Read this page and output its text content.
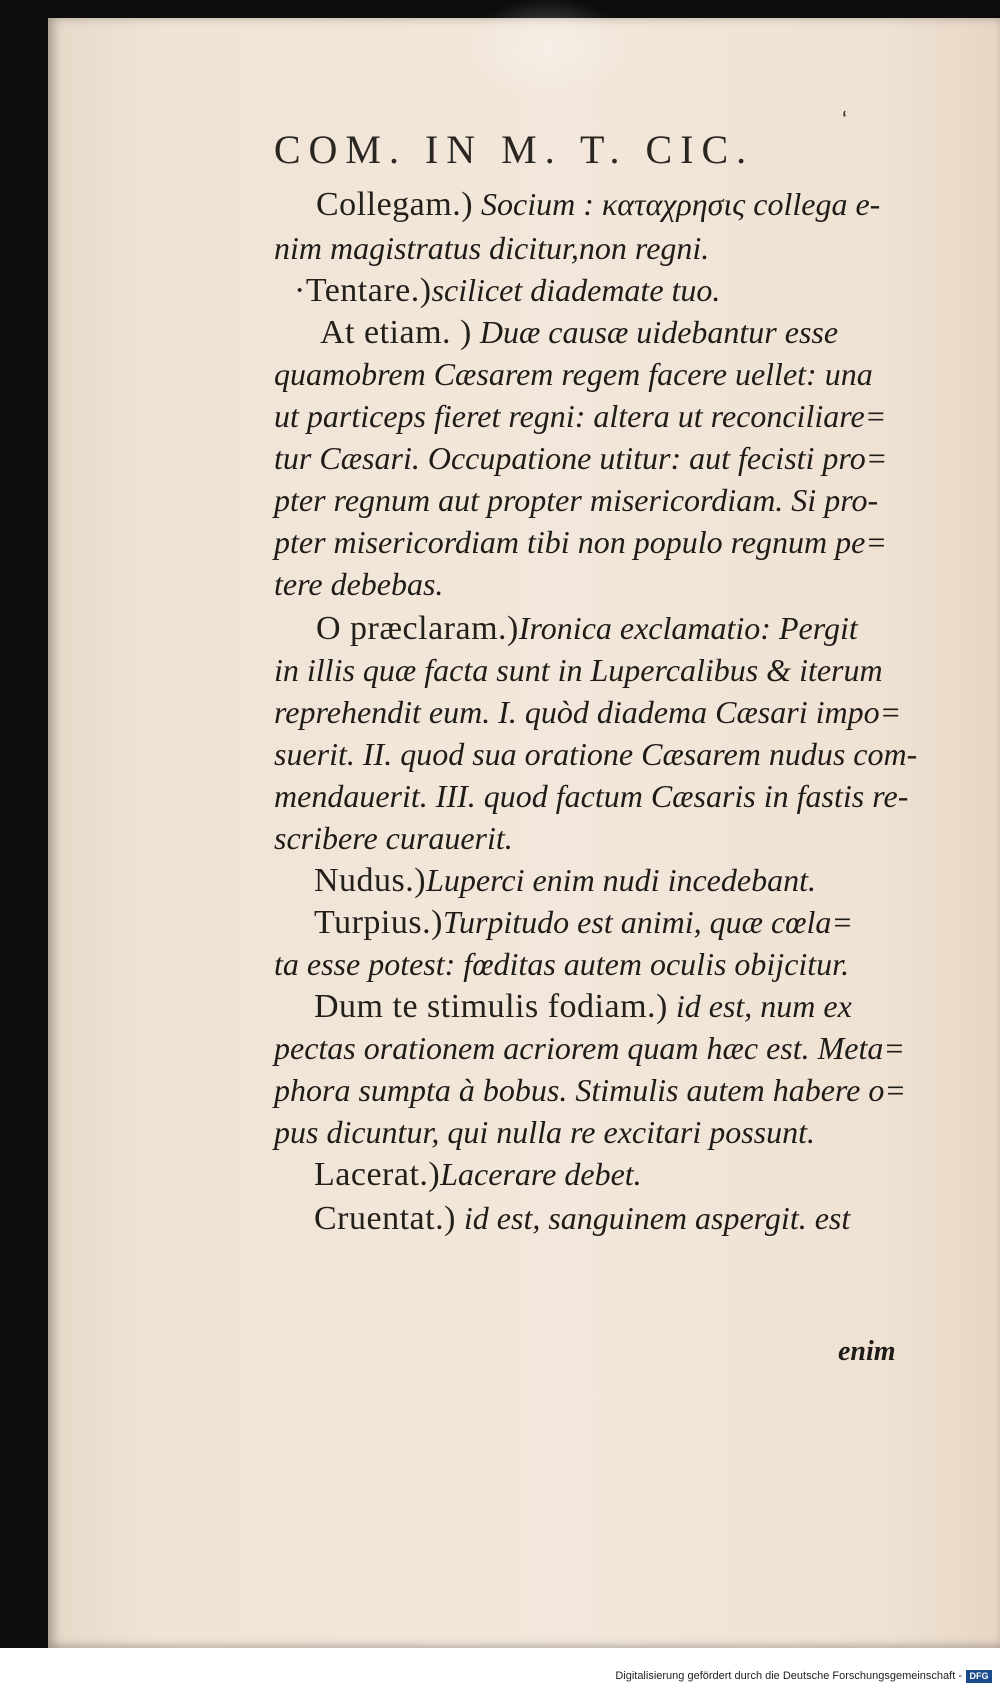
COM. IN M. T. CIC.
‘
Collegam.) Socium : καταχρησις collega e-
nim magistratus dicitur,non regni.
·Tentare.)scilicet diademate tuo.
At etiam. ) Duæ causæ uidebantur esse
quamobrem Cæsarem regem facere uellet: una
ut particeps fieret regni: altera ut reconciliare=
tur Cæsari. Occupatione utitur: aut fecisti pro=
pter regnum aut propter misericordiam. Si pro-
pter misericordiam tibi non populo regnum pe=
tere debebas.
O præclaram.)Ironica exclamatio: Pergit
in illis quæ facta sunt in Lupercalibus & iterum
reprehendit eum. I. quòd diadema Cæsari impo=
suerit. II. quod sua oratione Cæsarem nudus com-
mendauerit. III. quod factum Cæsaris in fastis re-
scribere curauerit.
Nudus.)Luperci enim nudi incedebant.
Turpius.)Turpitudo est animi, quæ cœla=
ta esse potest: fœditas autem oculis obijcitur.
Dum te stimulis fodiam.) id est, num ex
pectas orationem acriorem quam hæc est. Meta=
phora sumpta à bobus. Stimulis autem habere o=
pus dicuntur, qui nulla re excitari possunt.
Lacerat.)Lacerare debet.
Cruentat.) id est, sanguinem aspergit. est
enim
Digitalisierung gefördert durch die Deutsche Forschungsgemeinschaft - DFG
